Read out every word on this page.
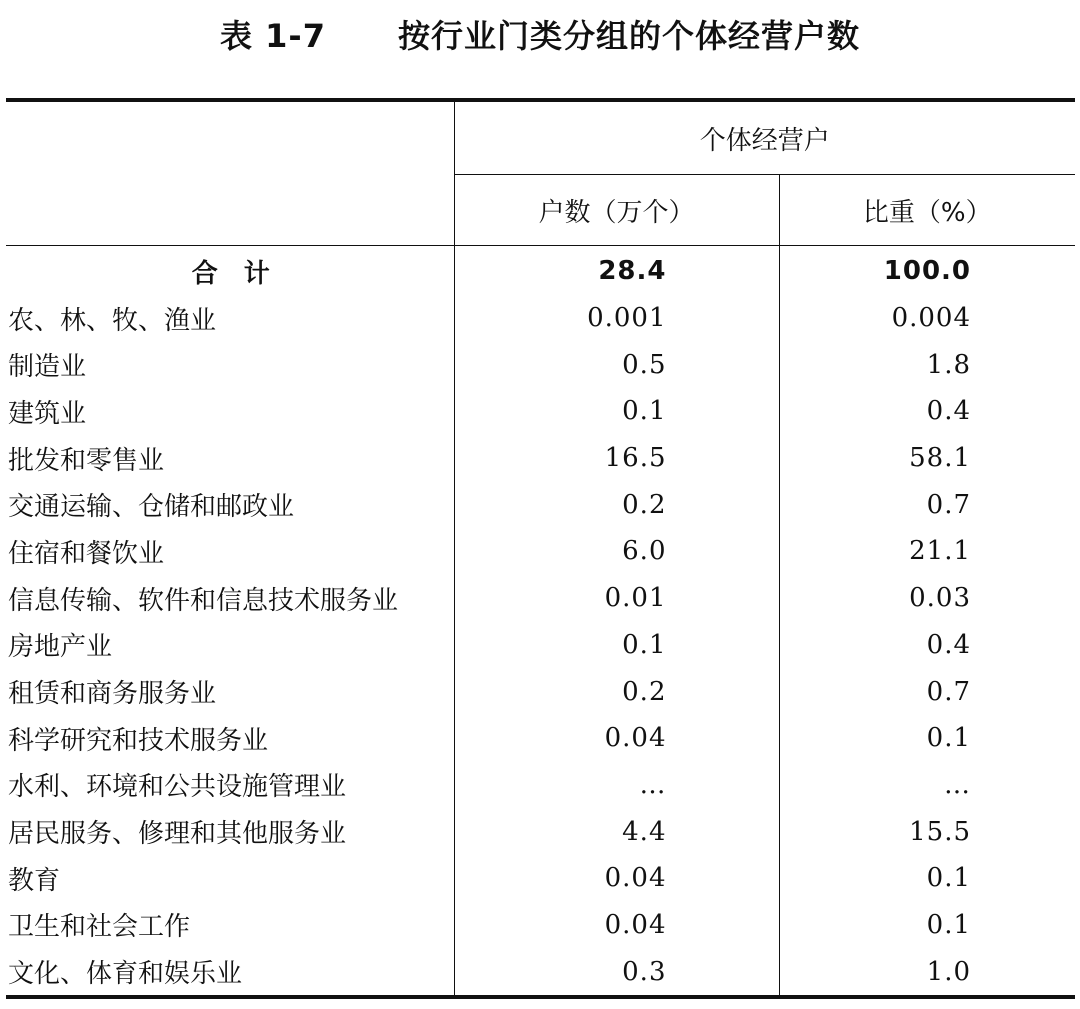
表 1-7 按行业门类分组的个体经营户数
	个体经营户	
	户数（万个）	比重（%）
合　计	28.4	100.0
农、林、牧、渔业	0.001	0.004
制造业	0.5	1.8
建筑业	0.1	0.4
批发和零售业	16.5	58.1
交通运输、仓储和邮政业	0.2	0.7
住宿和餐饮业	6.0	21.1
信息传输、软件和信息技术服务业	0.01	0.03
房地产业	0.1	0.4
租赁和商务服务业	0.2	0.7
科学研究和技术服务业	0.04	0.1
水利、环境和公共设施管理业	…	…
居民服务、修理和其他服务业	4.4	15.5
教育	0.04	0.1
卫生和社会工作	0.04	0.1
文化、体育和娱乐业	0.3	1.0
